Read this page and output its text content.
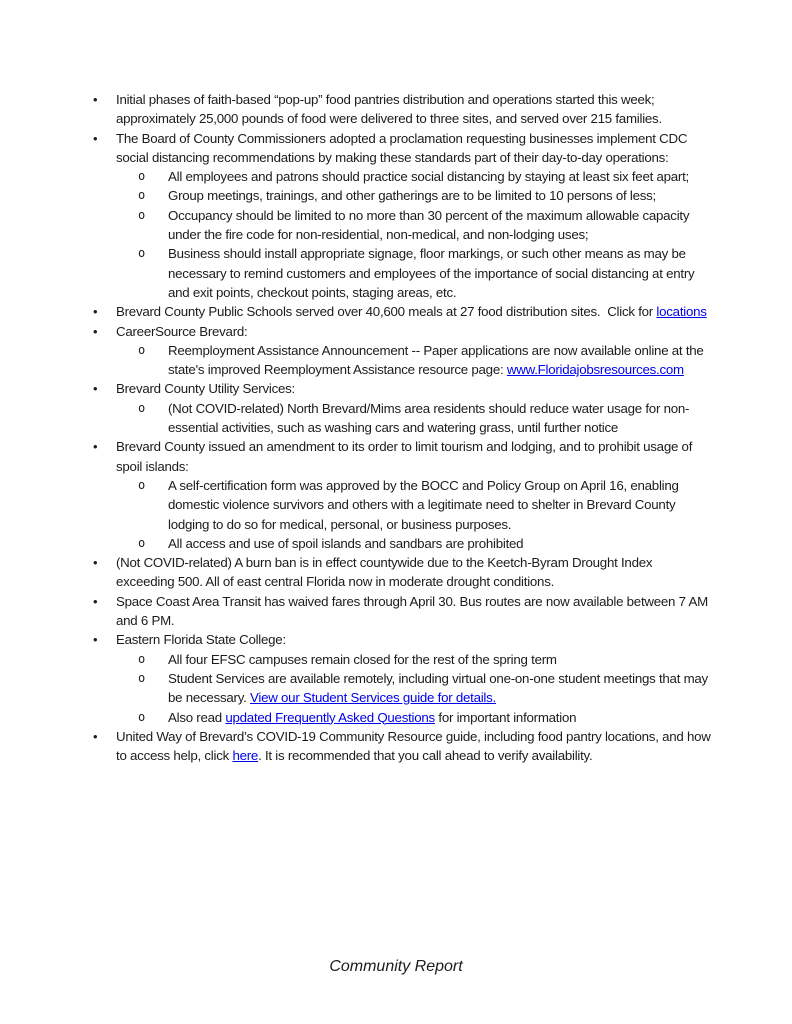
• Initial phases of faith-based “pop-up” food pantries distribution and operations started this week; approximately 25,000 pounds of food were delivered to three sites, and served over 215 families.
• The Board of County Commissioners adopted a proclamation requesting businesses implement CDC social distancing recommendations by making these standards part of their day-to-day operations:
o All employees and patrons should practice social distancing by staying at least six feet apart;
o Group meetings, trainings, and other gatherings are to be limited to 10 persons of less;
o Occupancy should be limited to no more than 30 percent of the maximum allowable capacity under the fire code for non-residential, non-medical, and non-lodging uses;
o Business should install appropriate signage, floor markings, or such other means as may be necessary to remind customers and employees of the importance of social distancing at entry and exit points, checkout points, staging areas, etc.
• Brevard County Public Schools served over 40,600 meals at 27 food distribution sites.  Click for locations
• CareerSource Brevard:
o Reemployment Assistance Announcement -- Paper applications are now available online at the state's improved Reemployment Assistance resource page: www.Floridajobsresources.com
• Brevard County Utility Services:
o (Not COVID-related) North Brevard/Mims area residents should reduce water usage for non-essential activities, such as washing cars and watering grass, until further notice
• Brevard County issued an amendment to its order to limit tourism and lodging, and to prohibit usage of spoil islands:
o A self-certification form was approved by the BOCC and Policy Group on April 16, enabling domestic violence survivors and others with a legitimate need to shelter in Brevard County lodging to do so for medical, personal, or business purposes.
o All access and use of spoil islands and sandbars are prohibited
• (Not COVID-related) A burn ban is in effect countywide due to the Keetch-Byram Drought Index exceeding 500. All of east central Florida now in moderate drought conditions.
• Space Coast Area Transit has waived fares through April 30. Bus routes are now available between 7 AM and 6 PM.
• Eastern Florida State College:
o All four EFSC campuses remain closed for the rest of the spring term
o Student Services are available remotely, including virtual one-on-one student meetings that may be necessary. View our Student Services guide for details.
o Also read updated Frequently Asked Questions for important information
• United Way of Brevard’s COVID-19 Community Resource guide, including food pantry locations, and how to access help, click here. It is recommended that you call ahead to verify availability.
Community Report
